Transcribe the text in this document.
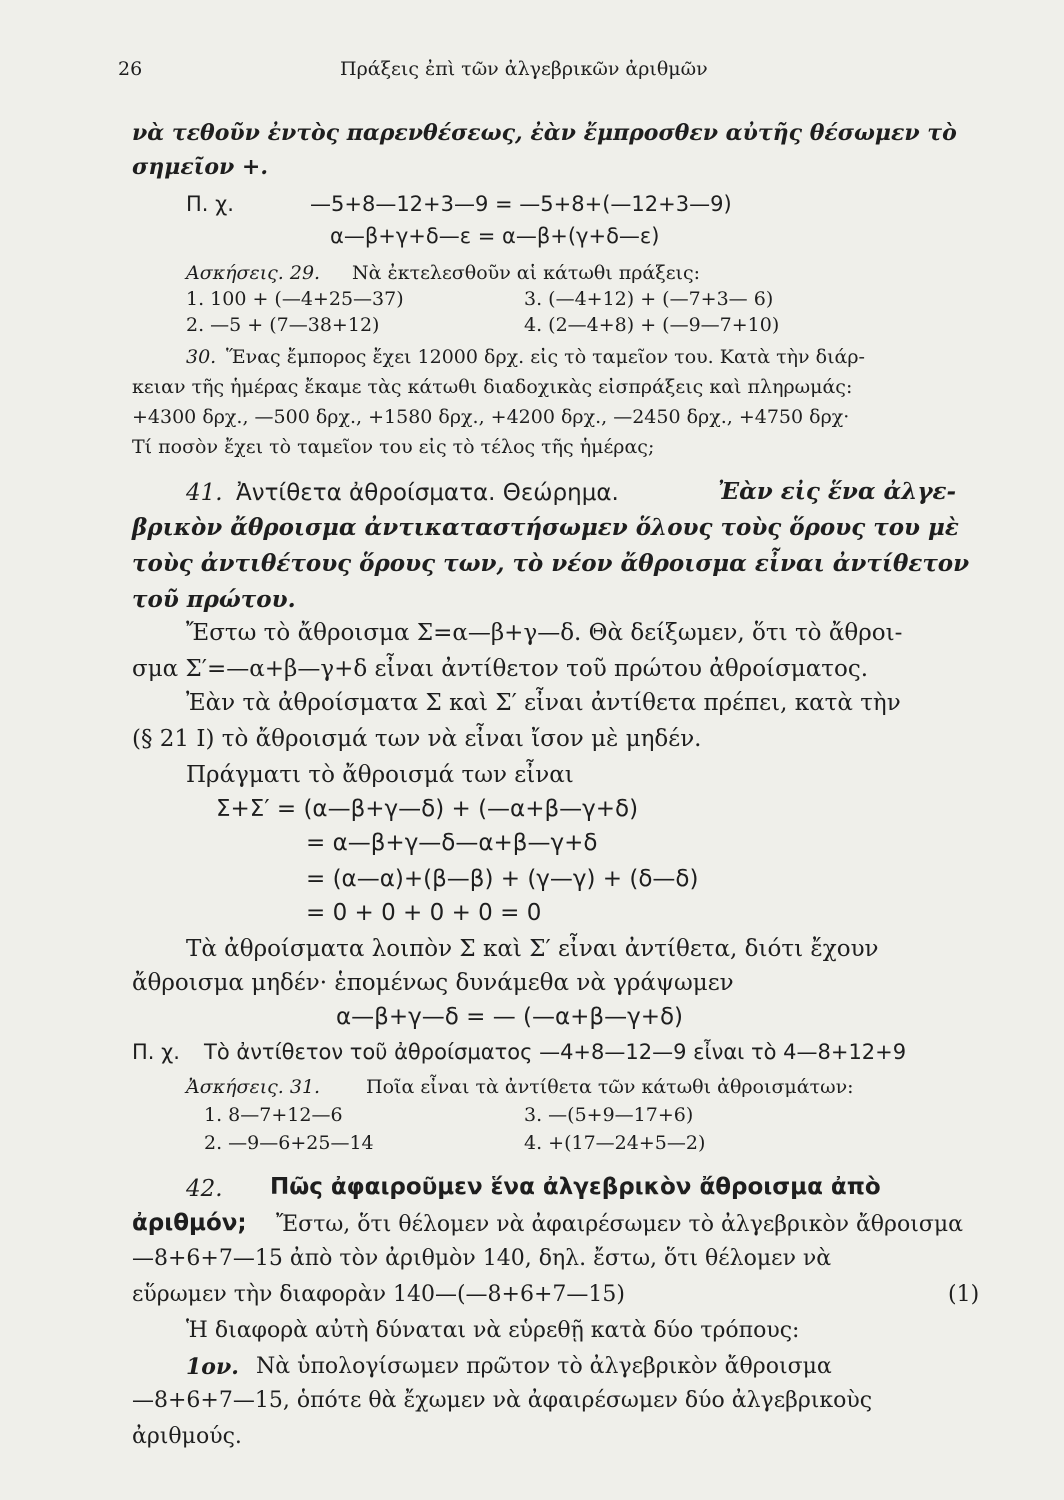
26	Πράξεις ἐπὶ τῶν ἀλγεβρικῶν ἀριθμῶν
νὰ τεθοῦν ἐντὸς παρενθέσεως, ἐὰν ἔμπροσθεν αὐτῆς θέσωμεν τὸ
σημεῖον +.
Π. χ.	—5+8—12+3—9 = —5+8+(—12+3—9)
α—β+γ+δ—ε = α—β+(γ+δ—ε)
Ασκήσεις. 29. Νὰ ἐκτελεσθοῦν αἱ κάτωθι πράξεις:
1. 100 + (—4+25—37)	3. (—4+12) + (—7+3— 6)
2. —5 + (7—38+12)	4. (2—4+8) + (—9—7+10)
30. Ἕνας ἔμπορος ἔχει 12000 δρχ. εἰς τὸ ταμεῖον του. Κατὰ τὴν διάρ-
κειαν τῆς ἡμέρας ἔκαμε τὰς κάτωθι διαδοχικὰς εἰσπράξεις καὶ πληρωμάς:
+4300 δρχ., —500 δρχ., +1580 δρχ., +4200 δρχ., —2450 δρχ., +4750 δρχ·
Τί ποσὸν ἔχει τὸ ταμεῖον του εἰς τὸ τέλος τῆς ἡμέρας;
41. Ἀντίθετα ἀθροίσματα. Θεώρημα.	Ἐὰν εἰς ἕνα ἀλγε-
βρικὸν ἄθροισμα ἀντικαταστήσωμεν ὅλους τοὺς ὅρους του μὲ
τοὺς ἀντιθέτους ὅρους των, τὸ νέον ἄθροισμα εἶναι ἀντίθετον
τοῦ πρώτου.
Ἔστω τὸ ἄθροισμα Σ=α—β+γ—δ. Θὰ δείξωμεν, ὅτι τὸ ἄθροι-
σμα Σ′=—α+β—γ+δ εἶναι ἀντίθετον τοῦ πρώτου ἀθροίσματος.
Ἐὰν τὰ ἀθροίσματα Σ καὶ Σ′ εἶναι ἀντίθετα πρέπει, κατὰ τὴν
(§ 21 Ι) τὸ ἄθροισμά των νὰ εἶναι ἴσον μὲ μηδέν.
Πράγματι τὸ ἄθροισμά των εἶναι
Σ+Σ′ = (α—β+γ—δ) + (—α+β—γ+δ)
= α—β+γ—δ—α+β—γ+δ
= (α—α)+(β—β) + (γ—γ) + (δ—δ)
= 0 + 0 + 0 + 0 = 0
Τὰ ἀθροίσματα λοιπὸν Σ καὶ Σ′ εἶναι ἀντίθετα, διότι ἔχουν
ἄθροισμα μηδέν· ἑπομένως δυνάμεθα νὰ γράψωμεν
α—β+γ—δ = — (—α+β—γ+δ)
Π. χ. Τὸ ἀντίθετον τοῦ ἀθροίσματος —4+8—12—9 εἶναι τὸ 4—8+12+9
Ἀσκήσεις. 31. Ποῖα εἶναι τὰ ἀντίθετα τῶν κάτωθι ἀθροισμάτων:
1. 8—7+12—6	3. —(5+9—17+6)
2. —9—6+25—14	4. +(17—24+5—2)
42. Πῶς ἀφαιροῦμεν ἕνα ἀλγεβρικὸν ἄθροισμα ἀπὸ
ἀριθμόν; Ἔστω, ὅτι θέλομεν νὰ ἀφαιρέσωμεν τὸ ἀλγεβρικὸν ἄθροισμα
—8+6+7—15 ἀπὸ τὸν ἀριθμὸν 140, δηλ. ἔστω, ὅτι θέλομεν νὰ
εὕρωμεν τὴν διαφορὰν 140—(—8+6+7—15)	(1)
Ἡ διαφορὰ αὐτὴ δύναται νὰ εὑρεθῇ κατὰ δύο τρόπους:
1ον. Νὰ ὑπολογίσωμεν πρῶτον τὸ ἀλγεβρικὸν ἄθροισμα
—8+6+7—15, ὁπότε θὰ ἔχωμεν νὰ ἀφαιρέσωμεν δύο ἀλγεβρικοὺς
ἀριθμούς.
